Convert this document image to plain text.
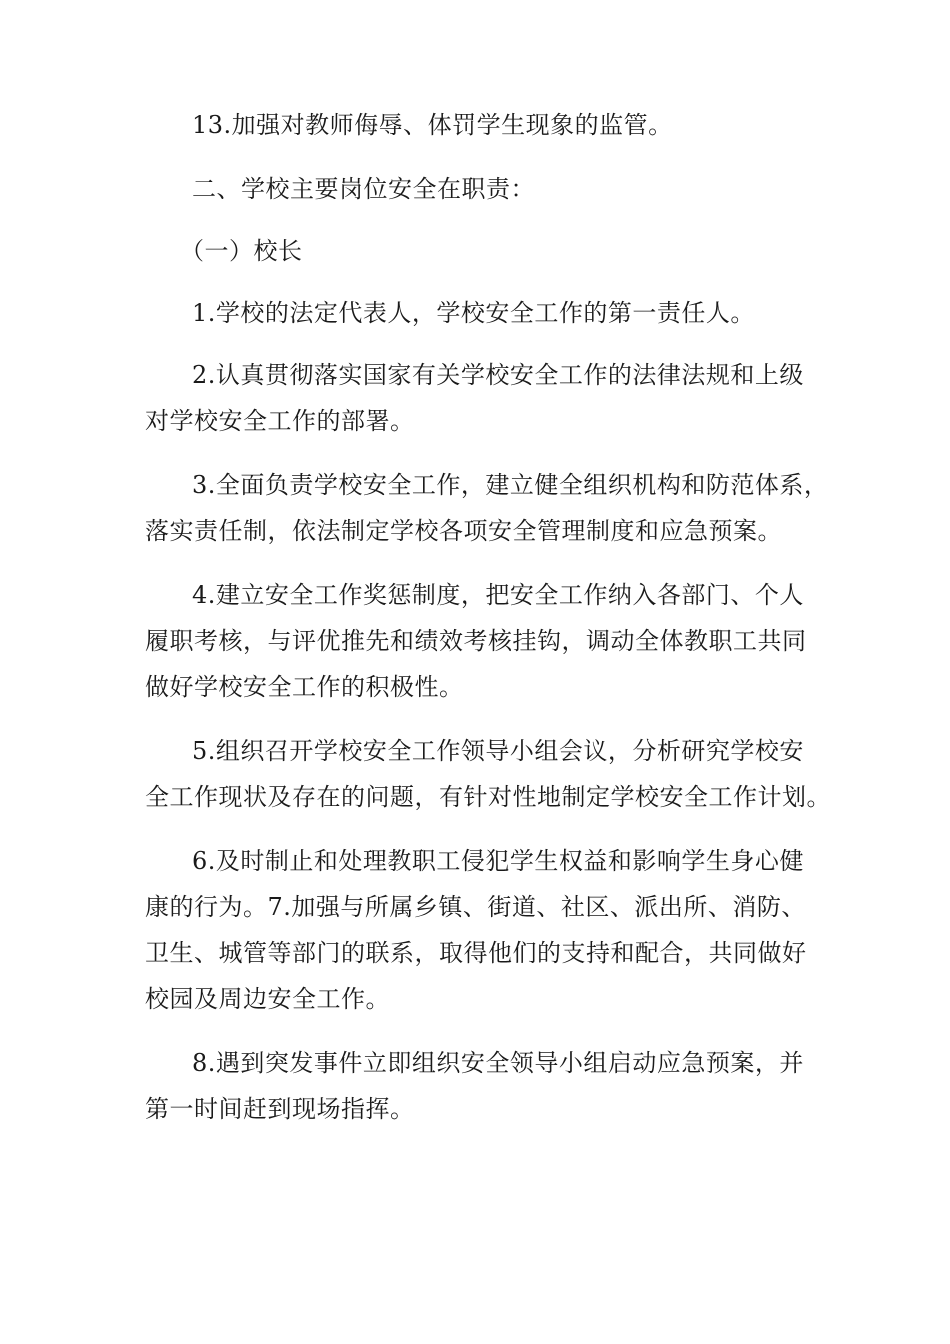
13.加强对教师侮辱、体罚学生现象的监管。
二、学校主要岗位安全在职责：
（一）校长
1.学校的法定代表人，学校安全工作的第一责任人。
2.认真贯彻落实国家有关学校安全工作的法律法规和上级
对学校安全工作的部署。
3.全面负责学校安全工作，建立健全组织机构和防范体系，
落实责任制，依法制定学校各项安全管理制度和应急预案。
4.建立安全工作奖惩制度，把安全工作纳入各部门、个人
履职考核，与评优推先和绩效考核挂钩，调动全体教职工共同
做好学校安全工作的积极性。
5.组织召开学校安全工作领导小组会议，分析研究学校安
全工作现状及存在的问题，有针对性地制定学校安全工作计划。
6.及时制止和处理教职工侵犯学生权益和影响学生身心健
康的行为。7.加强与所属乡镇、街道、社区、派出所、消防、
卫生、城管等部门的联系，取得他们的支持和配合，共同做好
校园及周边安全工作。
8.遇到突发事件立即组织安全领导小组启动应急预案，并
第一时间赶到现场指挥。
